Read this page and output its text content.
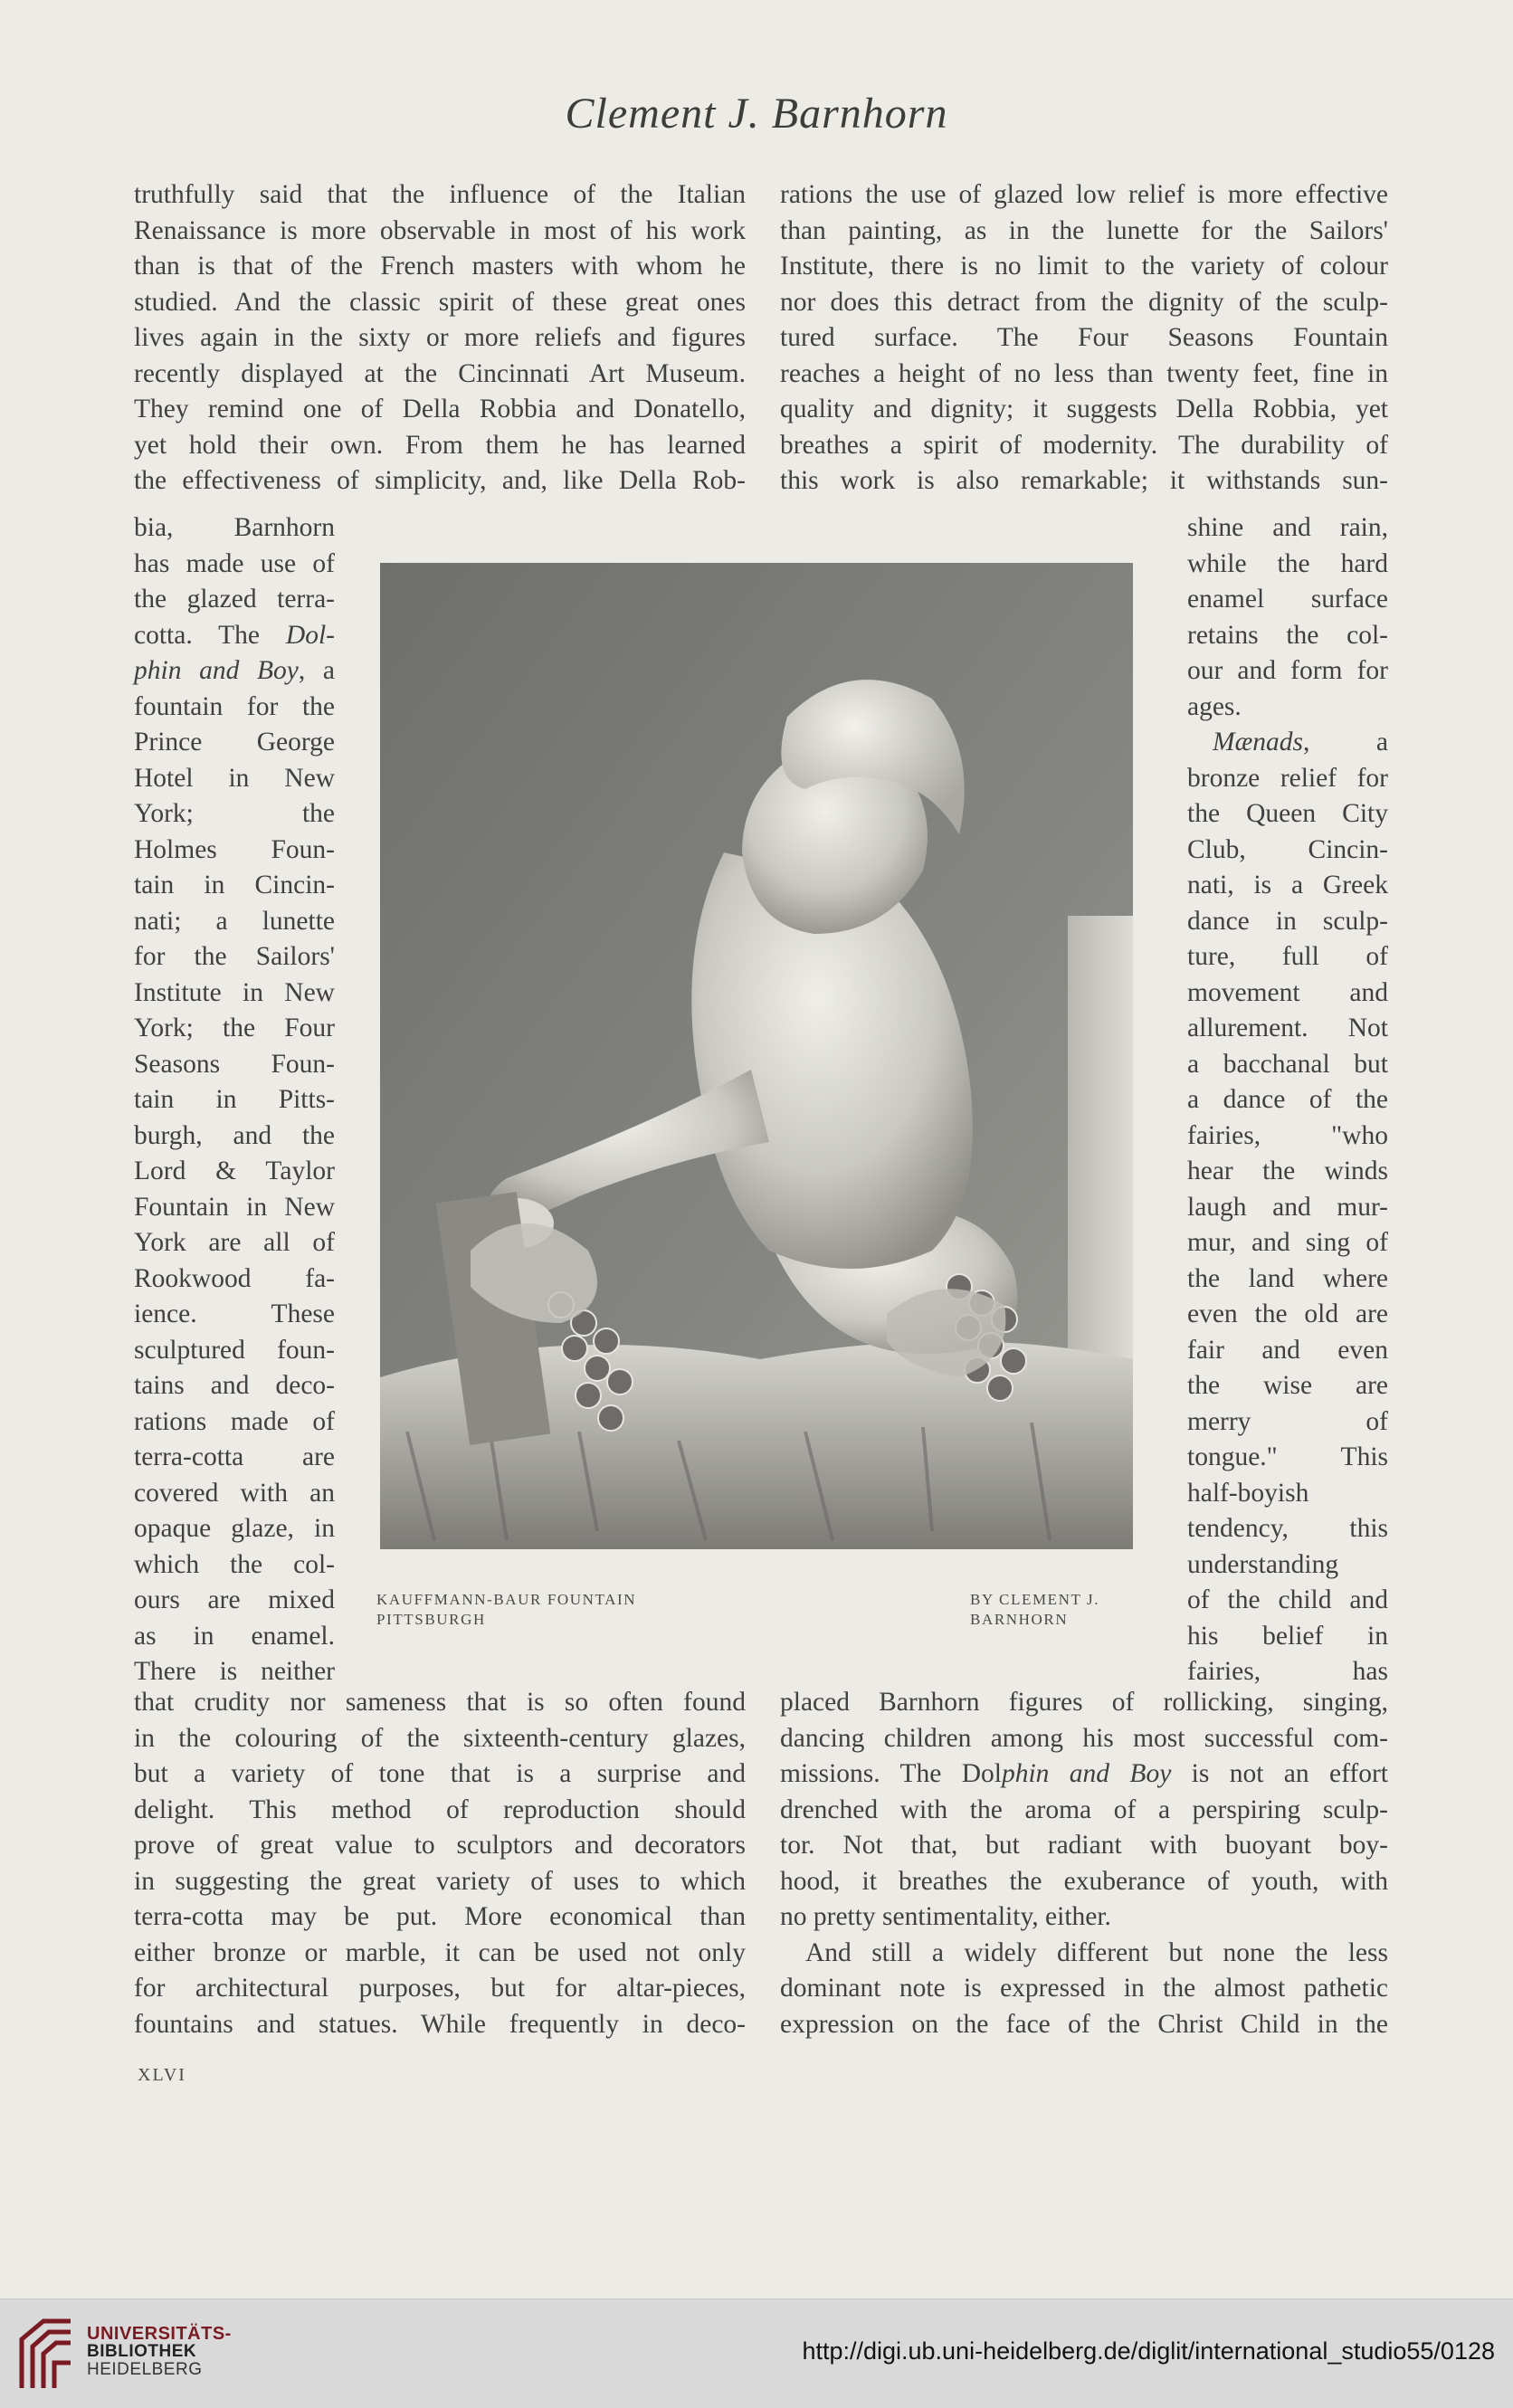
Clement J. Barnhorn
truthfully said that the influence of the Italian
Renaissance is more observable in most of his work
than is that of the French masters with whom he
studied. And the classic spirit of these great ones
lives again in the sixty or more reliefs and figures
recently displayed at the Cincinnati Art Museum.
They remind one of Della Robbia and Donatello,
yet hold their own. From them he has learned
the effectiveness of simplicity, and, like Della Rob-
rations the use of glazed low relief is more effective
than painting, as in the lunette for the Sailors'
Institute, there is no limit to the variety of colour
nor does this detract from the dignity of the sculp-
tured surface. The Four Seasons Fountain
reaches a height of no less than twenty feet, fine in
quality and dignity; it suggests Della Robbia, yet
breathes a spirit of modernity. The durability of
this work is also remarkable; it withstands sun-
bia, Barnhorn
has made use of
the glazed terra-
cotta. The Dol-
phin and Boy, a
fountain for the
Prince George
Hotel in New
York; the
Holmes Foun-
tain in Cincin-
nati; a lunette
for the Sailors'
Institute in New
York; the Four
Seasons Foun-
tain in Pitts-
burgh, and the
Lord & Taylor
Fountain in New
York are all of
Rookwood fa-
ience. These
sculptured foun-
tains and deco-
rations made of
terra-cotta are
covered with an
opaque glaze, in
which the col-
ours are mixed
as in enamel.
There is neither
shine and rain,
while the hard
enamel surface
retains the col-
our and form for
ages.
Mænads, a
bronze relief for
the Queen City
Club, Cincin-
nati, is a Greek
dance in sculp-
ture, full of
movement and
allurement. Not
a bacchanal but
a dance of the
fairies, "who
hear the winds
laugh and mur-
mur, and sing of
the land where
even the old are
fair and even
the wise are
merry of
tongue." This
half-boyish
tendency, this
understanding
of the child and
his belief in
fairies, has
KAUFFMANN-BAUR FOUNTAIN
PITTSBURGH
BY CLEMENT J.
BARNHORN
that crudity nor sameness that is so often found
in the colouring of the sixteenth-century glazes,
but a variety of tone that is a surprise and
delight. This method of reproduction should
prove of great value to sculptors and decorators
in suggesting the great variety of uses to which
terra-cotta may be put. More economical than
either bronze or marble, it can be used not only
for architectural purposes, but for altar-pieces,
fountains and statues. While frequently in deco-
placed Barnhorn figures of rollicking, singing,
dancing children among his most successful com-
missions. The Dolphin and Boy is not an effort
drenched with the aroma of a perspiring sculp-
tor. Not that, but radiant with buoyant boy-
hood, it breathes the exuberance of youth, with
no pretty sentimentality, either.
And still a widely different but none the less
dominant note is expressed in the almost pathetic
expression on the face of the Christ Child in the
XLVI
UNIVERSITÄTS-
BIBLIOTHEK
HEIDELBERG
http://digi.ub.uni-heidelberg.de/diglit/international_studio55/0128
